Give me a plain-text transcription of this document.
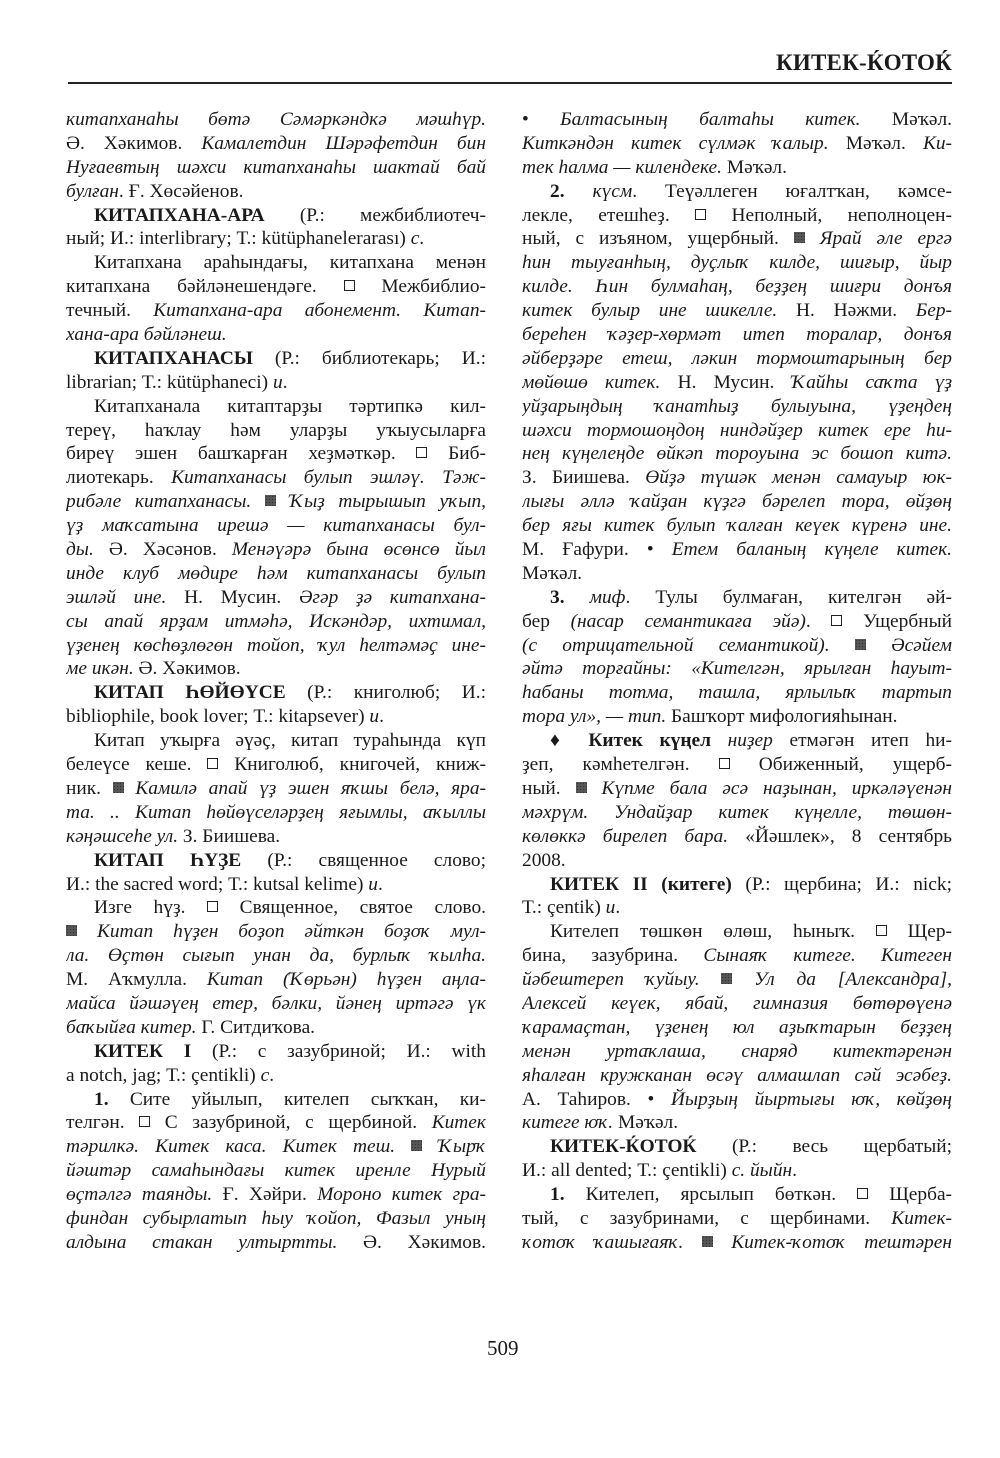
КИТЕК-ЌОТОЌ
китапханаһы бөтә Сәмәркәндкә мәшһүр.
Ә. Хәкимов. Камалетдин Шәрәфетдин бин
Нуғаевтың шәхси китапханаһы шактай бай
булған. Ғ. Хөсәйенов.
КИТАПХАНА-АРА (Р.: межбиблиотеч-
ный; И.: interlibrary; Т.: kütüphanelerarası) с.
Китапхана араһындағы, китапхана менән
китапхана бәйләнешендәге.  Межбиблио-
течный. Китапхана-ара абонемент. Китап-
хана-ара бәйләнеш.
КИТАПХАНАСЫ (Р.: библиотекарь; И.:
librarian; Т.: kütüphaneci) и.
Китапханала китаптарҙы тәртипкә кил-
тереү, һаҡлау һәм уларҙы уҡыусыларға
биреү эшен башҡарған хеҙмәткәр.  Биб-
лиотекарь. Китапханасы булып эшләү. Тәж-
рибәле китапханасы. Ҡыҙ тырышып уҡып,
үҙ маҡсатына ирешә — китапханасы бул-
ды. Ә. Хәсәнов. Менәүәрә бына өсөнсө йыл
инде клуб мөдире һәм китапханасы булып
эшләй ине. Н. Мусин. Әгәр ҙә китапхана-
сы апай ярҙам итмәһә, Искәндәр, ихтимал,
үҙенең көсһөҙлөгөн тойоп, ҡул һелтәмәҫ ине-
ме икән. Ә. Хәкимов.
КИТАП ҺӨЙӨҮСЕ (Р.: книголюб; И.:
bibliophile, book lover; Т.: kitapsever) и.
Китап уҡырға әүәҫ, китап тураһында күп
белеүсе кеше.  Книголюб, книгочей, книж-
ник.  Камилә апай үҙ эшен яҡшы белә, яра-
та. .. Китап һөйөүселәрҙең яғымлы, аҡыллы
кәңәшсеһе ул. З. Биишева.
КИТАП ҺҮҘЕ (Р.: священное слово;
И.: the sacred word; Т.: kutsal kelime) и.
Изге һүҙ.  Священное, святое слово.
Китап һүҙен боҙоп әйткән боҙоҡ мул-
ла. Өҫтөн сығып унан да, бурлыҡ ҡылһа.
М. Аҡмулла. Китап (Ҡөрьән) һүҙен аңла-
майса йәшәүең етер, бәлки, йәнең иртәгә үк
баҡыйға китер. Г. Ситдиҡова.
КИТЕК I (Р.: с зазубриной; И.: with
a notch, jag; Т.: çentikli) с.
1. Сите уйылып, кителеп сыҡҡан, ки-
телгән.  С зазубриной, с щербиной. Китек
тәрилкә. Китек каса. Китек теш. Ҡырҡ
йәштәр самаһындағы китек иренле Нурый
өҫтәлгә таянды. Ғ. Хәйри. Мороно китек гра-
финдан субырлатып һыу ҡойоп, Фазыл уның
алдына стакан ултыртты. Ә. Хәкимов.
• Балтасының балтаһы китек. Мәҡәл.
Киткәндән китек сүлмәк ҡалыр. Мәҡәл. Ки-
тек һалма — килендеке. Мәҡәл.
2. күсм. Теүәллеген юғалтҡан, кәмсе-
лекле, етешһеҙ.  Неполный, неполноцен-
ный, с изъяном, ущербный.  Ярай әле ергә
һин тыуғанһың, дуҫлыҡ килде, шиғыр, йыр
килде. Һин булмаһаң, беҙҙең шиғри донъя
китек булыр ине шикелле. Н. Нәжми. Бер-
береһен ҡәҙер-хөрмәт итеп торалар, донъя
әйберҙәре етеш, ләкин тормоштарының бер
мөйөшө китек. Н. Мусин. Ҡайһы саҡта үҙ
уйҙарыңдың ҡанатһыҙ булыуына, үҙеңдең
шәхси тормошоңдоң ниндәйҙер китек ере һи-
нең күңелеңде өйкәп тороуына эс бошоп китә.
З. Биишева. Өйҙә түшәк менән самауыр юк-
лығы әллә ҡайҙан күҙгә бәрелеп тора, өйҙөң
бер яғы китек булып ҡалған кеүек күренә ине.
М. Ғафури. • Етем баланың күңеле китек.
Мәҡәл.
3. миф. Тулы булмаған, кителгән әй-
бер (насар семантикаға эйә).  Ущербный
(с отрицательной семантикой).	Әсәйем
әйтә торғайны: «Кителгән, ярылған һауыт-
һабаны тотма, ташла, ярлылыҡ тартып
тора ул», — тип. Башҡорт мифологияһынан.
♦ Китек күңел ниҙер етмәгән итеп һи-
ҙеп, кәмһетелгән.  Обиженный, ущерб-
ный.  Күпме бала әсә наҙынан, иркәләүенән
мәхрүм. Ундайҙар китек күңелле, төшөн-
көлөккә бирелеп бара. «Йәшлек», 8 сентябрь
2008.
КИТЕК II (китеге) (Р.: щербина; И.: nick;
Т.: çentik) и.
Кителеп төшкөн өлөш, һыныҡ.  Щер-
бина, зазубрина. Сынаяҡ китеге. Китеген
йәбештереп ҡуйыу.	Ул да [Александра],
Алексей кеүек, ябай, гимназия бөтөрөүенә
ҡарамаҫтан, үҙенең юл аҙыҡтарын беҙҙең
менән уртаҡлаша, снаряд китектәренән
яһалған кружканан өсәү алмашлап сәй эсәбеҙ.
А. Таһиров. • Йырҙың йыртығы юҡ, көйҙөң
китеге юҡ. Мәҡәл.
КИТЕК-ЌОТОЌ (Р.: весь щербатый;
И.: all dented; Т.: çentikli) с. йыйн.
1. Кителеп, ярсылып бөткән.  Щерба-
тый, с зазубринами, с щербинами. Китек-
ҡотоҡ ҡашығаяҡ. Китек-ҡотоҡ тештәрен
509
